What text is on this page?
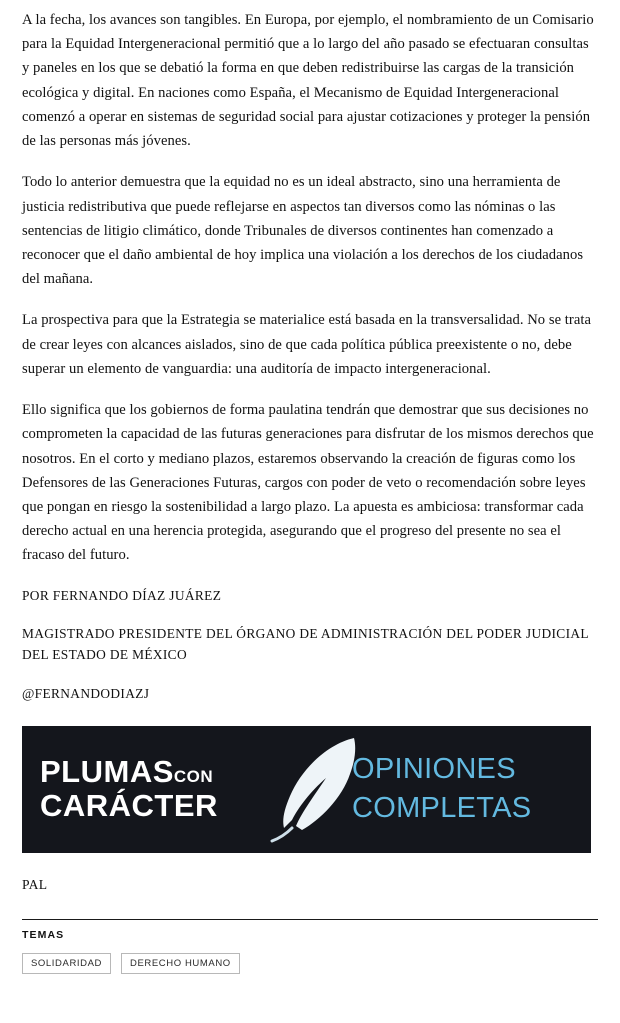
A la fecha, los avances son tangibles. En Europa, por ejemplo, el nombramiento de un Comisario para la Equidad Intergeneracional permitió que a lo largo del año pasado se efectuaran consultas y paneles en los que se debatió la forma en que deben redistribuirse las cargas de la transición ecológica y digital. En naciones como España, el Mecanismo de Equidad Intergeneracional comenzó a operar en sistemas de seguridad social para ajustar cotizaciones y proteger la pensión de las personas más jóvenes.

Todo lo anterior demuestra que la equidad no es un ideal abstracto, sino una herramienta de justicia redistributiva que puede reflejarse en aspectos tan diversos como las nóminas o las sentencias de litigio climático, donde Tribunales de diversos continentes han comenzado a reconocer que el daño ambiental de hoy implica una violación a los derechos de los ciudadanos del mañana.

La prospectiva para que la Estrategia se materialice está basada en la transversalidad. No se trata de crear leyes con alcances aislados, sino de que cada política pública preexistente o no, debe superar un elemento de vanguardia: una auditoría de impacto intergeneracional.

Ello significa que los gobiernos de forma paulatina tendrán que demostrar que sus decisiones no comprometen la capacidad de las futuras generaciones para disfrutar de los mismos derechos que nosotros. En el corto y mediano plazos, estaremos observando la creación de figuras como los Defensores de las Generaciones Futuras, cargos con poder de veto o recomendación sobre leyes que pongan en riesgo la sostenibilidad a largo plazo. La apuesta es ambiciosa: transformar cada derecho actual en una herencia protegida, asegurando que el progreso del presente no sea el fracaso del futuro.

POR FERNANDO DÍAZ JUÁREZ
MAGISTRADO PRESIDENTE DEL ÓRGANO DE ADMINISTRACIÓN DEL PODER JUDICIAL DEL ESTADO DE MÉXICO
@FERNANDODIAZJ
PLUMASCON
CARÁCTER
OPINIONES
COMPLETAS
PAL
TEMAS
SOLIDARIDAD	DERECHO HUMANO
